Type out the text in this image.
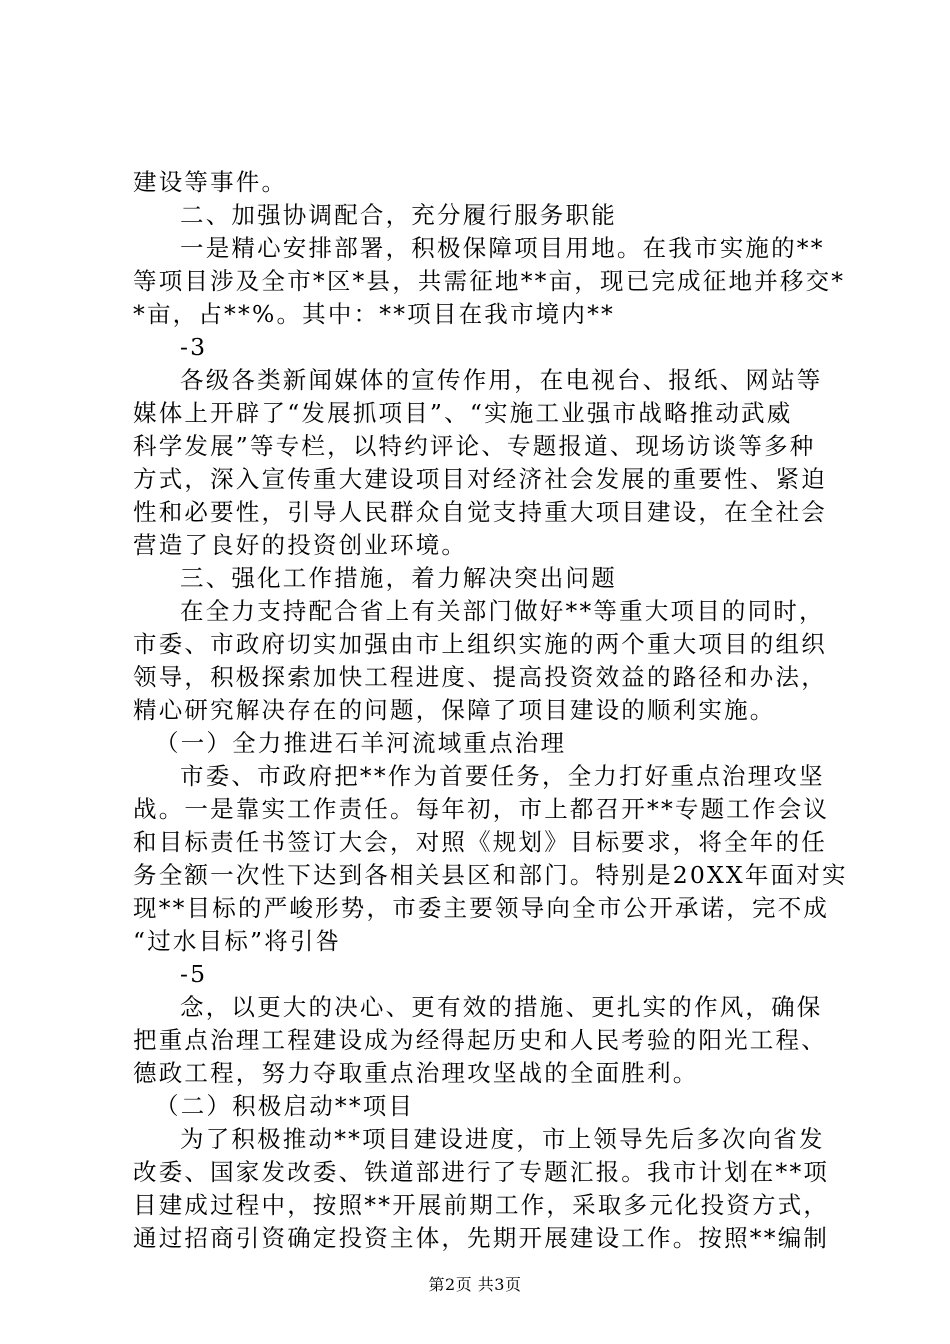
建设等事件。
二、加强协调配合，充分履行服务职能
一是精心安排部署，积极保障项目用地。在我市实施的**
等项目涉及全市*区*县，共需征地**亩，现已完成征地并移交*
*亩，占**%。其中：**项目在我市境内**
-3
各级各类新闻媒体的宣传作用，在电视台、报纸、网站等
媒体上开辟了“发展抓项目”、“实施工业强市战略推动武威
科学发展”等专栏，以特约评论、专题报道、现场访谈等多种
方式，深入宣传重大建设项目对经济社会发展的重要性、紧迫
性和必要性，引导人民群众自觉支持重大项目建设，在全社会
营造了良好的投资创业环境。
三、强化工作措施，着力解决突出问题
在全力支持配合省上有关部门做好**等重大项目的同时，
市委、市政府切实加强由市上组织实施的两个重大项目的组织
领导，积极探索加快工程进度、提高投资效益的路径和办法，
精心研究解决存在的问题，保障了项目建设的顺利实施。
（一）全力推进石羊河流域重点治理
市委、市政府把**作为首要任务，全力打好重点治理攻坚
战。一是靠实工作责任。每年初，市上都召开**专题工作会议
和目标责任书签订大会，对照《规划》目标要求，将全年的任
务全额一次性下达到各相关县区和部门。特别是20XX年面对实
现**目标的严峻形势，市委主要领导向全市公开承诺，完不成
“过水目标”将引咎
-5
念，以更大的决心、更有效的措施、更扎实的作风，确保
把重点治理工程建设成为经得起历史和人民考验的阳光工程、
德政工程，努力夺取重点治理攻坚战的全面胜利。
（二）积极启动**项目
为了积极推动**项目建设进度，市上领导先后多次向省发
改委、国家发改委、铁道部进行了专题汇报。我市计划在**项
目建成过程中，按照**开展前期工作，采取多元化投资方式，
通过招商引资确定投资主体，先期开展建设工作。按照**编制
第2页 共3页
